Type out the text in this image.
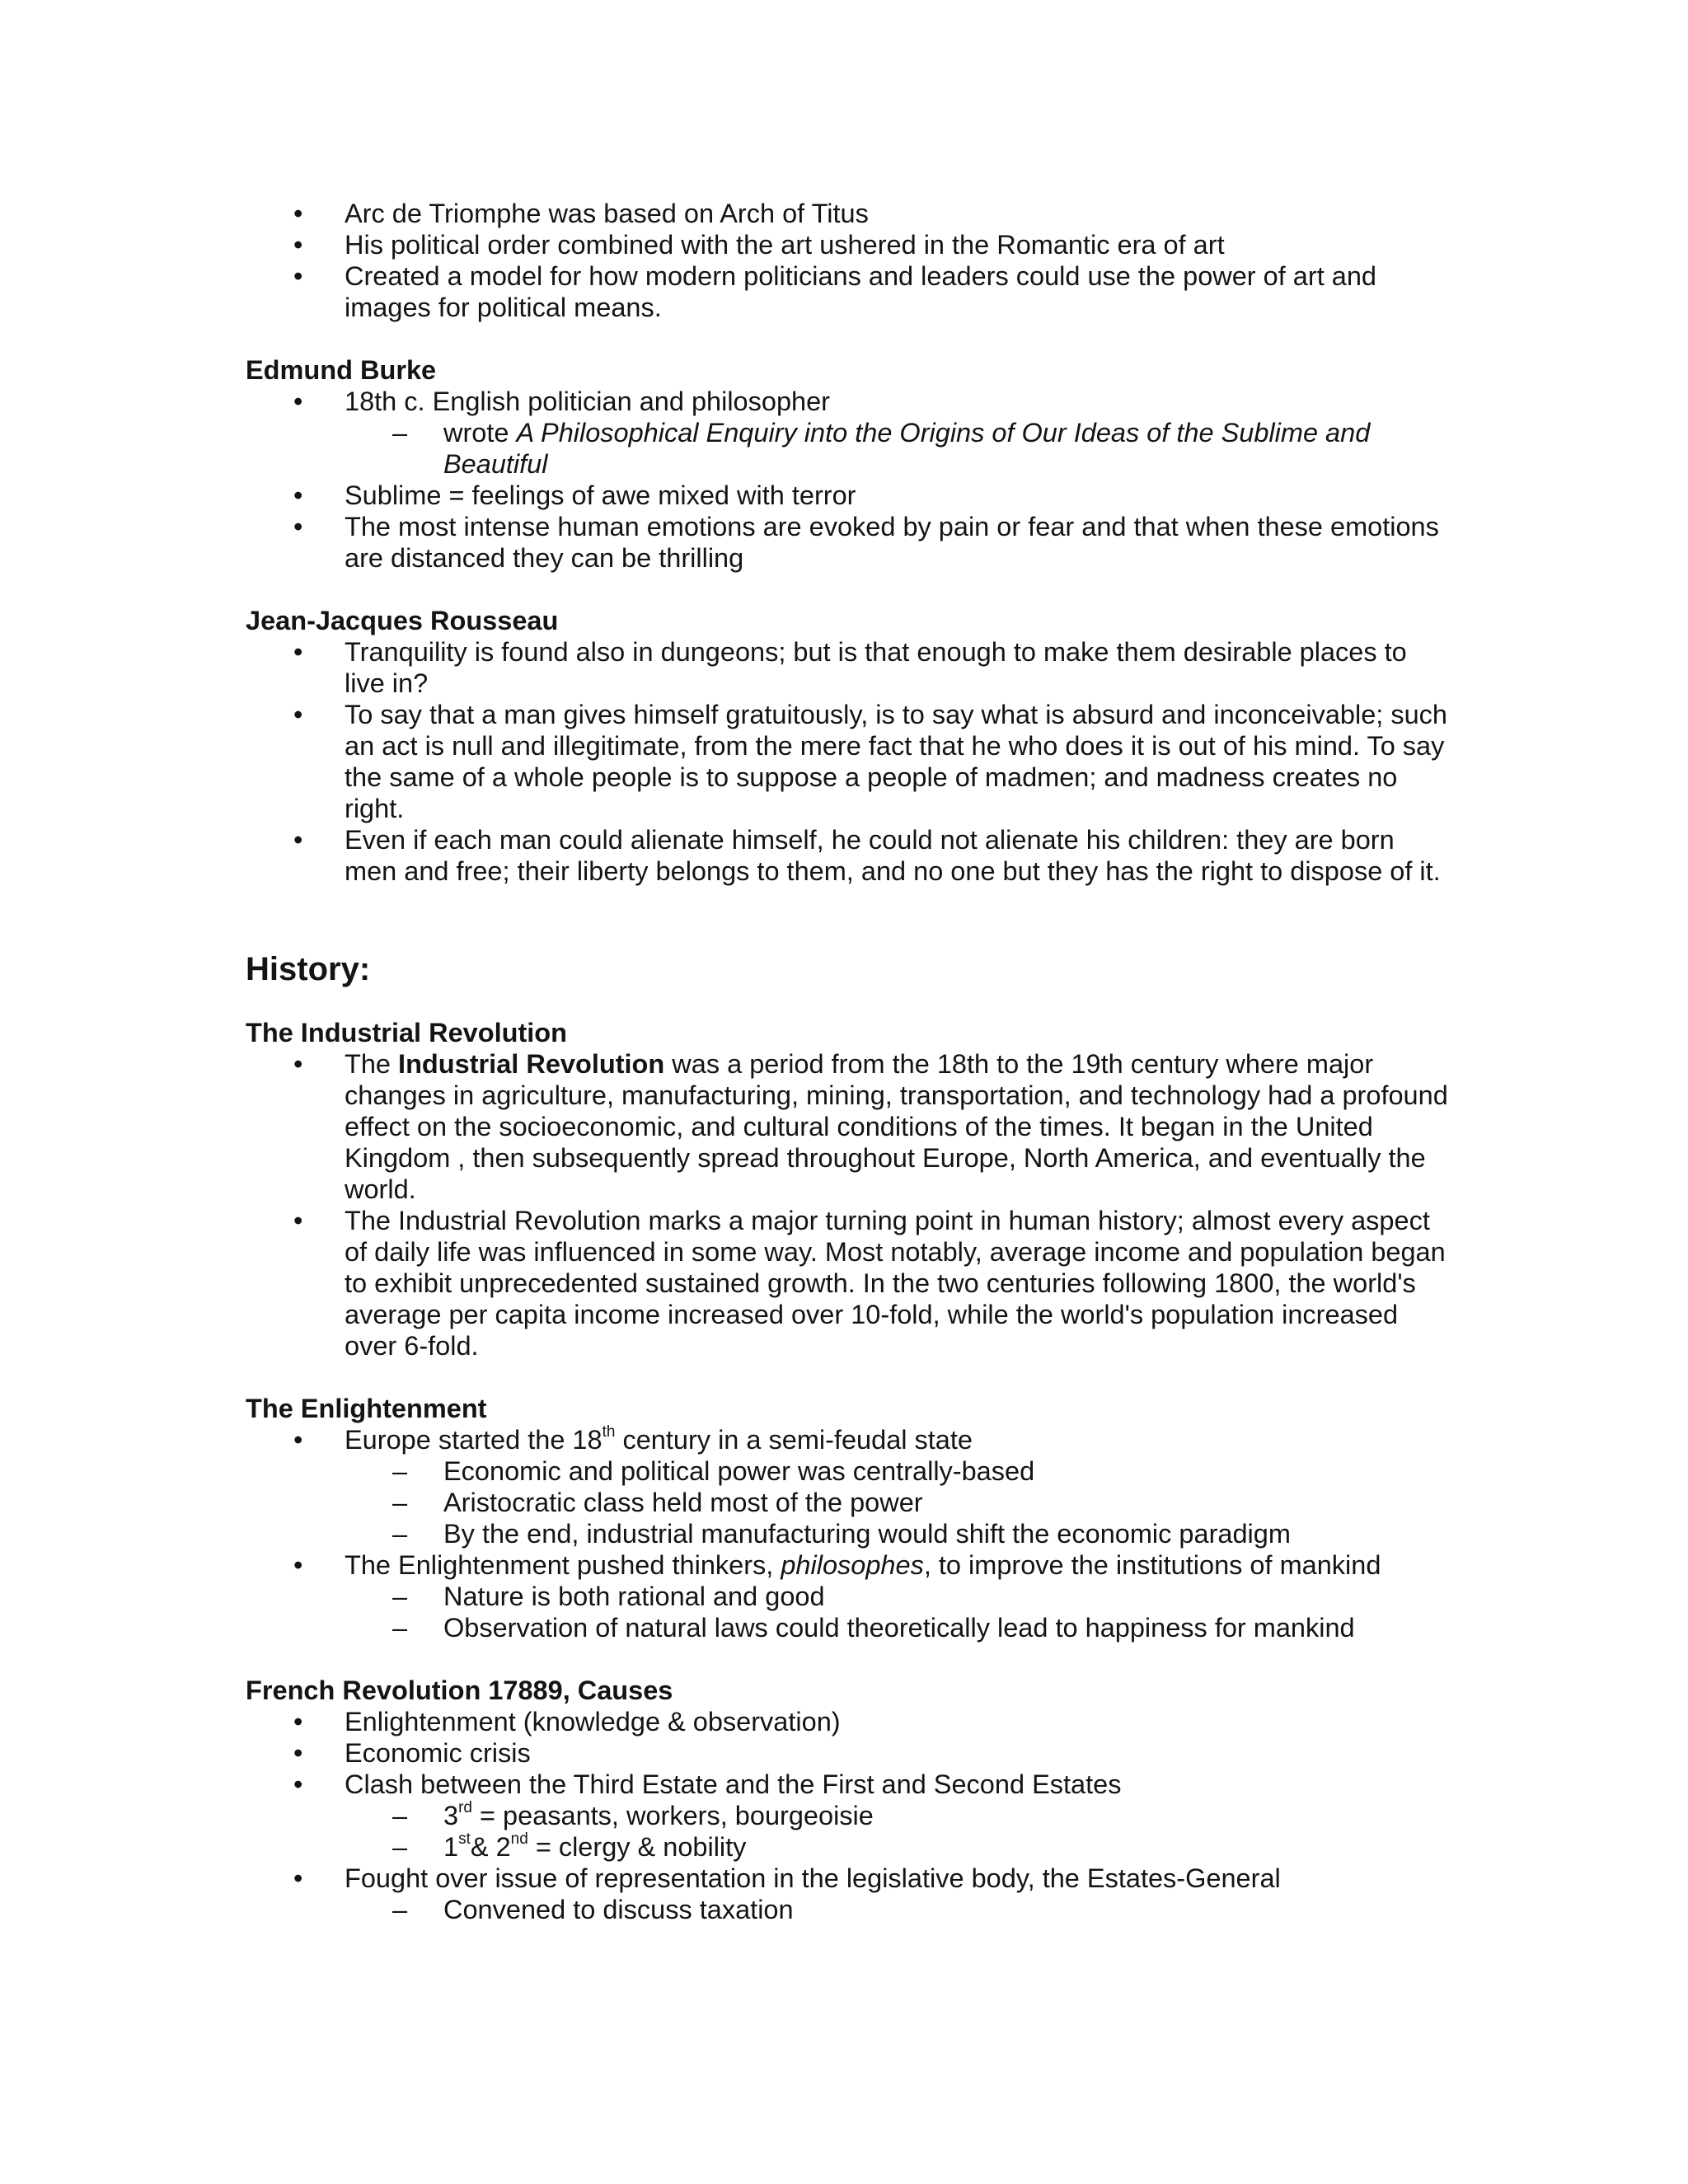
• Arc de Triomphe was based on Arch of Titus
• His political order combined with the art ushered in the Romantic era of art
• Created a model for how modern politicians and leaders could use the power of art and images for political means.
Edmund Burke
• 18th c. English politician and philosopher
– wrote A Philosophical Enquiry into the Origins of Our Ideas of the Sublime and Beautiful
• Sublime = feelings of awe mixed with terror
• The most intense human emotions are evoked by pain or fear and that when these emotions are distanced they can be thrilling
Jean-Jacques Rousseau
• Tranquility is found also in dungeons; but is that enough to make them desirable places to live in?
• To say that a man gives himself gratuitously, is to say what is absurd and inconceivable; such an act is null and illegitimate, from the mere fact that he who does it is out of his mind. To say the same of a whole people is to suppose a people of madmen; and madness creates no right.
• Even if each man could alienate himself, he could not alienate his children: they are born men and free; their liberty belongs to them, and no one but they has the right to dispose of it.
History:
The Industrial Revolution
• The Industrial Revolution was a period from the 18th to the 19th century where major changes in agriculture, manufacturing, mining, transportation, and technology had a profound effect on the socioeconomic, and cultural conditions of the times. It began in the United Kingdom , then subsequently spread throughout Europe, North America, and eventually the world.
• The Industrial Revolution marks a major turning point in human history; almost every aspect of daily life was influenced in some way. Most notably, average income and population began to exhibit unprecedented sustained growth. In the two centuries following 1800, the world's average per capita income increased over 10-fold, while the world's population increased over 6-fold.
The Enlightenment
• Europe started the 18th century in a semi-feudal state
– Economic and political power was centrally-based
– Aristocratic class held most of the power
– By the end, industrial manufacturing would shift the economic paradigm
• The Enlightenment pushed thinkers, philosophes, to improve the institutions of mankind
– Nature is both rational and good
– Observation of natural laws could theoretically lead to happiness for mankind
French Revolution 17889, Causes
• Enlightenment (knowledge & observation)
• Economic crisis
• Clash between the Third Estate and the First and Second Estates
– 3rd = peasants, workers, bourgeoisie
– 1st& 2nd = clergy & nobility
• Fought over issue of representation in the legislative body, the Estates-General
– Convened to discuss taxation
